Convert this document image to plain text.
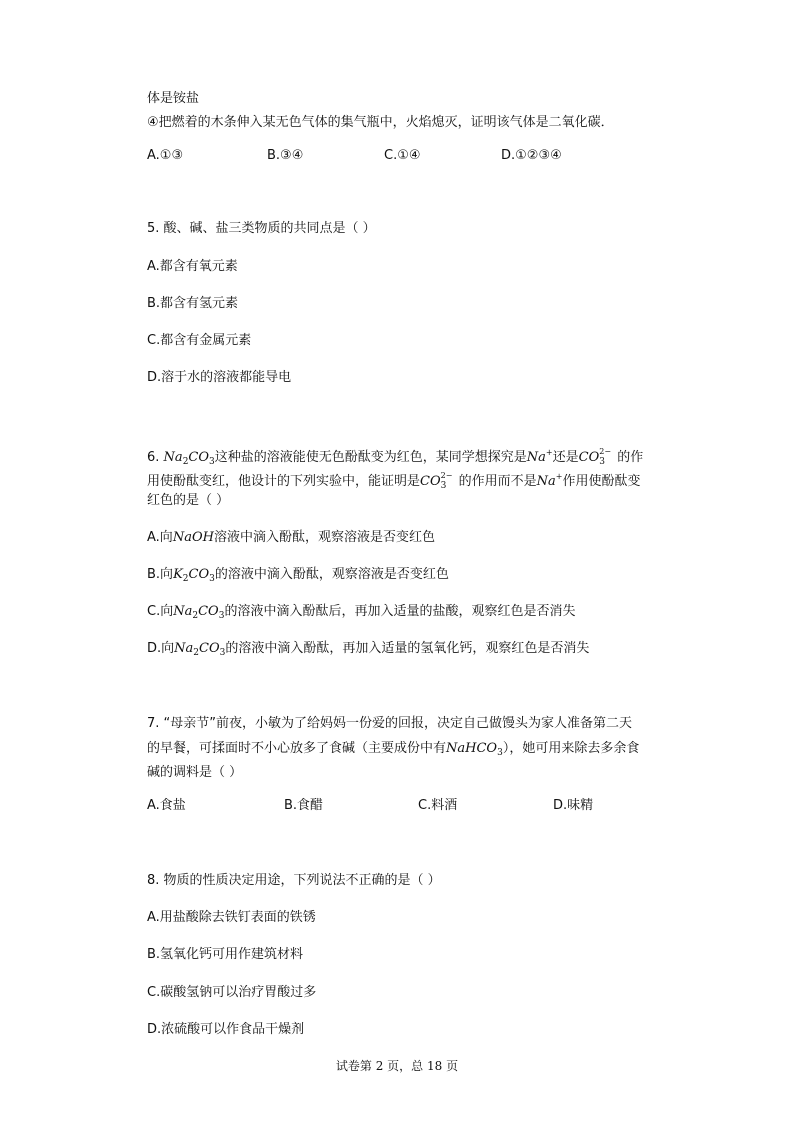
体是铵盐
④把燃着的木条伸入某无色气体的集气瓶中，火焰熄灭，证明该气体是二氧化碳．
A.①③	B.③④	C.①④	D.①②③④
5. 酸、碱、盐三类物质的共同点是（ ）
A.都含有氧元素
B.都含有氢元素
C.都含有金属元素
D.溶于水的溶液都能导电
6. $Na_2CO_3$这种盐的溶液能使无色酚酞变为红色，某同学想探究是Na+还是CO 2−
3 的作
用使酚酞变红，他设计的下列实验中，能证明是CO 2−
3 的作用而不是Na+作用使酚酞变
红色的是（ ）
A.向NaOH溶液中滴入酚酞，观察溶液是否变红色
B.向$K_2CO_3$的溶液中滴入酚酞，观察溶液是否变红色
C.向$Na_2CO_3$的溶液中滴入酚酞后，再加入适量的盐酸，观察红色是否消失
D.向$Na_2CO_3$的溶液中滴入酚酞，再加入适量的氢氧化钙，观察红色是否消失
7. “母亲节”前夜，小敏为了给妈妈一份爱的回报，决定自己做馒头为家人准备第二天
的早餐，可揉面时不小心放多了食碱（主要成份中有NaHCO$_3$），她可用来除去多余食
碱的调料是（ ）
A.食盐	B.食醋	C.料酒	D.味精
8. 物质的性质决定用途，下列说法不正确的是（ ）
A.用盐酸除去铁钉表面的铁锈
B.氢氧化钙可用作建筑材料
C.碳酸氢钠可以治疗胃酸过多
D.浓硫酸可以作食品干燥剂
试卷第 2 页，总 18 页
